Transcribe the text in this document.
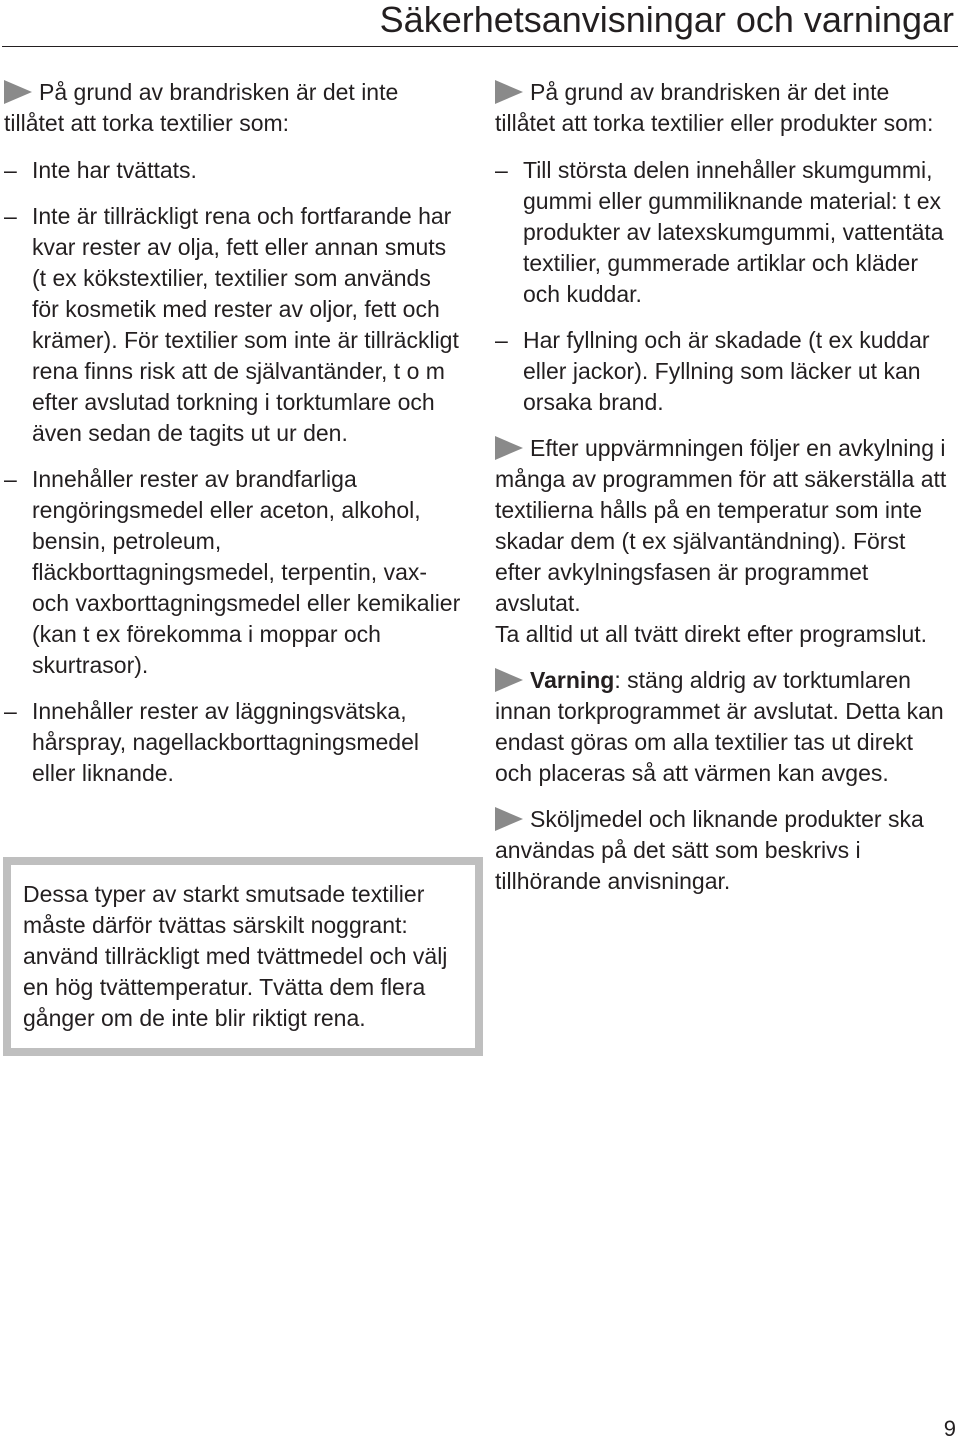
Säkerhetsanvisningar och varningar

På grund av brandrisken är det inte tillåtet att torka textilier som:

– Inte har tvättats.
– Inte är tillräckligt rena och fortfarande har kvar rester av olja, fett eller annan smuts (t ex kökstextilier, textilier som används för kosmetik med rester av oljor, fett och krämer). För textilier som inte är tillräckligt rena finns risk att de självantänder, t o m efter avslutad torkning i torktumlare och även sedan de tagits ut ur den.
– Innehåller rester av brandfarliga rengöringsmedel eller aceton, alkohol, bensin, petroleum, fläckborttagningsmedel, terpentin, vax- och vaxborttagningsmedel eller kemikalier (kan t ex förekomma i moppar och skurtrasor).
– Innehåller rester av läggningsvätska, hårspray, nagellackborttagningsmedel eller liknande.
Dessa typer av starkt smutsade textilier måste därför tvättas särskilt noggrant: använd tillräckligt med tvättmedel och välj en hög tvättemperatur. Tvätta dem flera gånger om de inte blir riktigt rena.

På grund av brandrisken är det inte tillåtet att torka textilier eller produkter som:

– Till största delen innehåller skumgummi, gummi eller gummiliknande material: t ex produkter av latexskumgummi, vattentäta textilier, gummerade artiklar och kläder och kuddar.
– Har fyllning och är skadade (t ex kuddar eller jackor). Fyllning som läcker ut kan orsaka brand.

Efter uppvärmningen följer en avkylning i många av programmen för att säkerställa att textilierna hålls på en temperatur som inte skadar dem (t ex självantändning). Först efter avkylningsfasen är programmet avslutat.
Ta alltid ut all tvätt direkt efter programslut.

Varning: stäng aldrig av torktumlaren innan torkprogrammet är avslutat. Detta kan endast göras om alla textilier tas ut direkt och placeras så att värmen kan avges.

Sköljmedel och liknande produkter ska användas på det sätt som beskrivs i tillhörande anvisningar.

9
